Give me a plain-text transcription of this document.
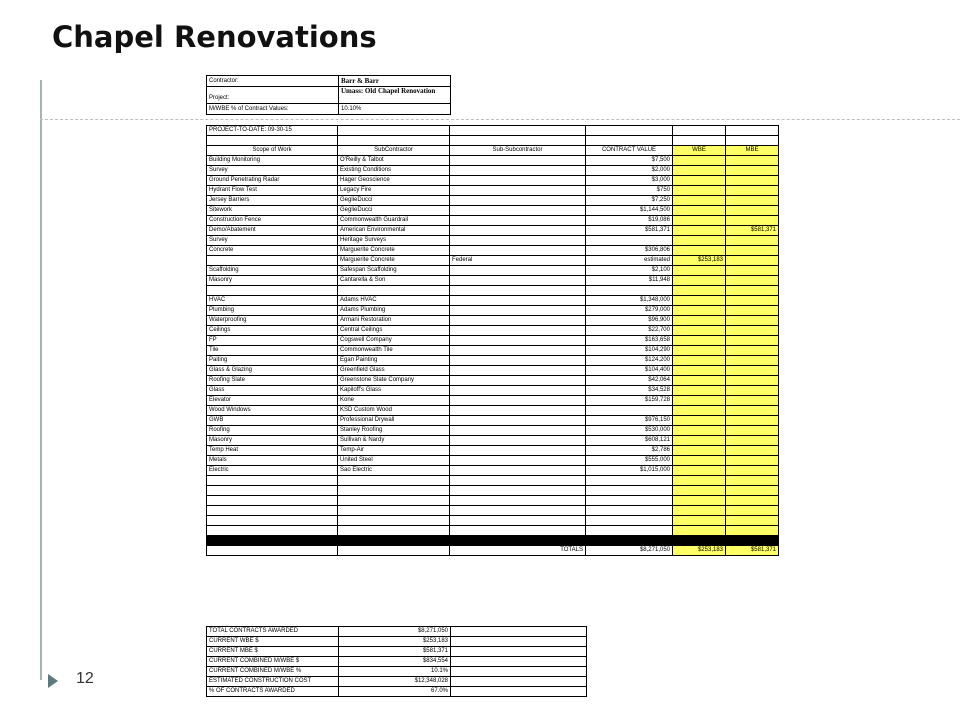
Chapel Renovations
12
Contractor:	Barr & Barr
Project:	Umass: Old Chapel Renovation
M/WBE % of Contract Values:	10.10%
PROJECT-TO-DATE: 09-30-15					

Scope of Work	SubContractor	Sub-Subcontractor	CONTRACT VALUE	WBE	MBE
Building Monitoring	O'Reilly & Talbot		$7,500		
Survey	Existing Conditions		$2,000		
Ground Penetrating Radar	Hager Geoscience		$3,000		
Hydrant Flow Test	Legacy Fire		$750		
Jersey Barriers	GeglieDucci		$7,250		
Sitework	GeglieDucci		$1,144,500		
Construction Fence	Commonwealth Guardrail		$19,086		
Demo/Abatement	American Environmental		$581,371		$581,371
Survey	Heritage Surveys				
Concrete	Marguerite Concrete		$306,806		
	Marguerite Concrete	Federal	estimated	$253,183	
Scaffolding	Safespan Scaffolding		$2,100		
Masonry	Cantarella & Son		$11,948		

HVAC	Adams HVAC		$1,348,000		
Plumbing	Adams Plumbing		$279,000		
Waterproofing	Armani Restoration		$96,900		
Ceilings	Central Ceilings		$22,700		
FP	Cogswell Company		$163,658		
Tile	Commonwealth Tile		$104,290		
Paiting	Egan Painting		$124,200		
Glass & Glazing	Greenfield Glass		$104,400		
Roofing Slate	Greenstone Slate Company		$42,064		
Glass	Kapiloff's Glass		$34,528		
Elevator	Kone		$159,728		
Wood Windows	KSD Custom Wood				
GWB	Professional Drywall		$976,150		
Roofing	Stanley Roofing		$530,000		
Masonry	Sullivan & Nardy		$608,121		
Temp Heat	Temp-Air		$2,786		
Metals	United Steel		$555,000		
Electric	Sao Electric		$1,015,000		

		TOTALS	$8,271,050	$253,183	$581,371
TOTAL CONTRACTS AWARDED	$8,271,050	
CURRENT WBE $	$253,183	
CURRENT MBE $	$581,371	
CURRENT COMBINED M/WBE $	$834,554	
CURRENT COMBINED M/WBE %	10.1%	
ESTIMATED CONSTRUCTION COST	$12,348,028	
% OF CONTRACTS AWARDED	67.0%	
